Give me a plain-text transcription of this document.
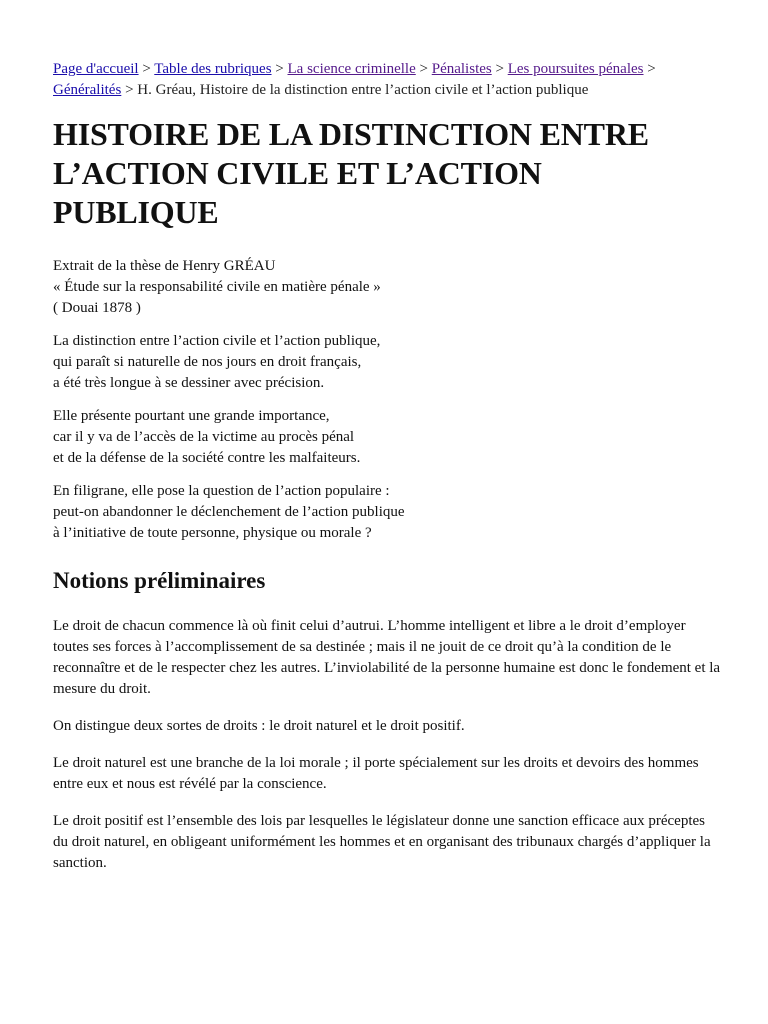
Page d'accueil > Table des rubriques > La science criminelle > Pénalistes > Les poursuites pénales >
Généralités > H. Gréau, Histoire de la distinction entre l’action civile et l’action publique
HISTOIRE DE LA DISTINCTION ENTRE
L’ACTION CIVILE ET L’ACTION
PUBLIQUE

Extrait de la thèse de Henry GRÉAU
« Étude sur la responsabilité civile en matière pénale »
( Douai 1878 )

La distinction entre l’action civile et l’action publique,
qui paraît si naturelle de nos jours en droit français,
a été très longue à se dessiner avec précision.

Elle présente pourtant une grande importance,
car il y va de l’accès de la victime au procès pénal
et de la défense de la société contre les malfaiteurs.

En filigrane, elle pose la question de l’action populaire :
peut-on abandonner le déclenchement de l’action publique
à l’initiative de toute personne, physique ou morale ?

Notions préliminaires

Le droit de chacun commence là où finit celui d’autrui. L’homme intelligent et libre a le droit d’employer toutes ses forces à l’accomplissement de sa destinée ; mais il ne jouit de ce droit qu’à la condition de le reconnaître et de le respecter chez les autres. L’inviolabilité de la personne humaine est donc le fondement et la mesure du droit.

On distingue deux sortes de droits : le droit naturel et le droit positif.

Le droit naturel est une branche de la loi morale ; il porte spécialement sur les droits et devoirs des hommes entre eux et nous est révélé par la conscience.

Le droit positif est l’ensemble des lois par lesquelles le législateur donne une sanction efficace aux préceptes du droit naturel, en obligeant uniformément les hommes et en organisant des tribunaux chargés d’appliquer la sanction.
